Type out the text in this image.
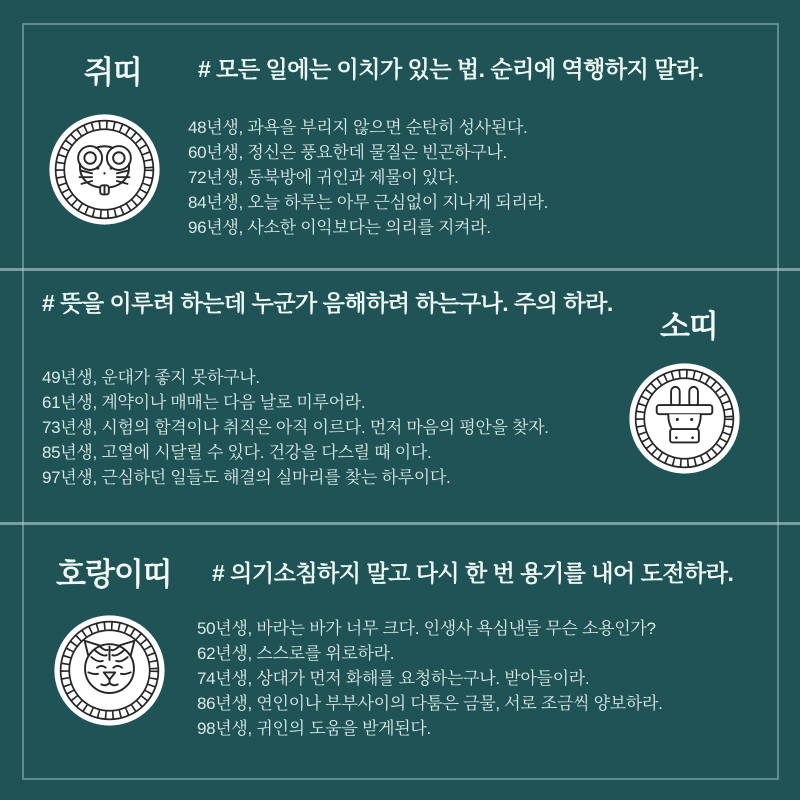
쥐띠 # 모든 일에는 이치가 있는 법. 순리에 역행하지 말라.
48년생, 과욕을 부리지 않으면 순탄히 성사된다.
60년생, 정신은 풍요한데 물질은 빈곤하구나.
72년생, 동북방에 귀인과 제물이 있다.
84년생, 오늘 하루는 아무 근심없이 지나게 되리라.
96년생, 사소한 이익보다는 의리를 지켜라.
# 뜻을 이루려 하는데 누군가 음해하려 하는구나. 주의 하라.
소띠
49년생, 운대가 좋지 못하구나.
61년생, 계약이나 매매는 다음 날로 미루어라.
73년생, 시험의 합격이나 취직은 아직 이르다. 먼저 마음의 평안을 찾자.
85년생, 고열에 시달릴 수 있다. 건강을 다스릴 때 이다.
97년생, 근심하던 일들도 해결의 실마리를 찾는 하루이다.
호랑이띠 # 의기소침하지 말고 다시 한 번 용기를 내어 도전하라.
50년생, 바라는 바가 너무 크다. 인생사 욕심낸들 무슨 소용인가?
62년생, 스스로를 위로하라.
74년생, 상대가 먼저 화해를 요청하는구나. 받아들이라.
86년생, 연인이나 부부사이의 다툼은 금물, 서로 조금씩 양보하라.
98년생, 귀인의 도움을 받게된다.
